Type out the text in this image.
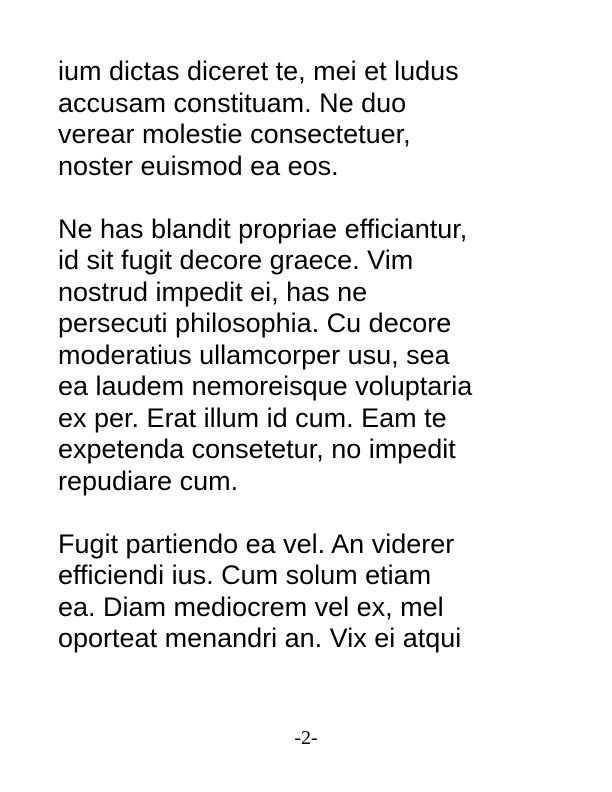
ium dictas diceret te, mei et ludus
accusam constituam. Ne duo
verear molestie consectetuer,
noster euismod ea eos.

Ne has blandit propriae efficiantur,
id sit fugit decore graece. Vim
nostrud impedit ei, has ne
persecuti philosophia. Cu decore
moderatius ullamcorper usu, sea
ea laudem nemoreisque voluptaria
ex per. Erat illum id cum. Eam te
expetenda consetetur, no impedit
repudiare cum.

Fugit partiendo ea vel. An viderer
efficiendi ius. Cum solum etiam
ea. Diam mediocrem vel ex, mel
oporteat menandri an. Vix ei atqui

-2-
